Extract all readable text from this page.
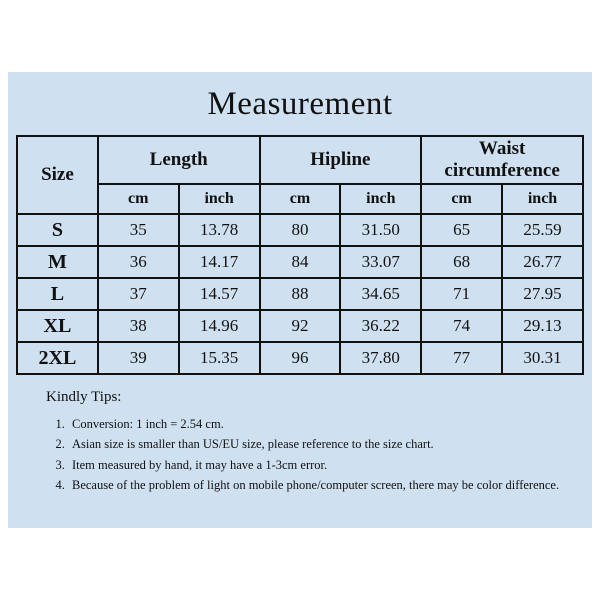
Measurement
Size	Length		Hipline		Waist circumference	
	cm	inch	cm	inch	cm	inch
S	35	13.78	80	31.50	65	25.59
M	36	14.17	84	33.07	68	26.77
L	37	14.57	88	34.65	71	27.95
XL	38	14.96	92	36.22	74	29.13
2XL	39	15.35	96	37.80	77	30.31
Kindly Tips:
1. Conversion: 1 inch = 2.54 cm.
2. Asian size is smaller than US/EU size, please reference to the size chart.
3. Item measured by hand, it may have a 1-3cm error.
4. Because of the problem of light on mobile phone/computer screen, there may be color difference.
